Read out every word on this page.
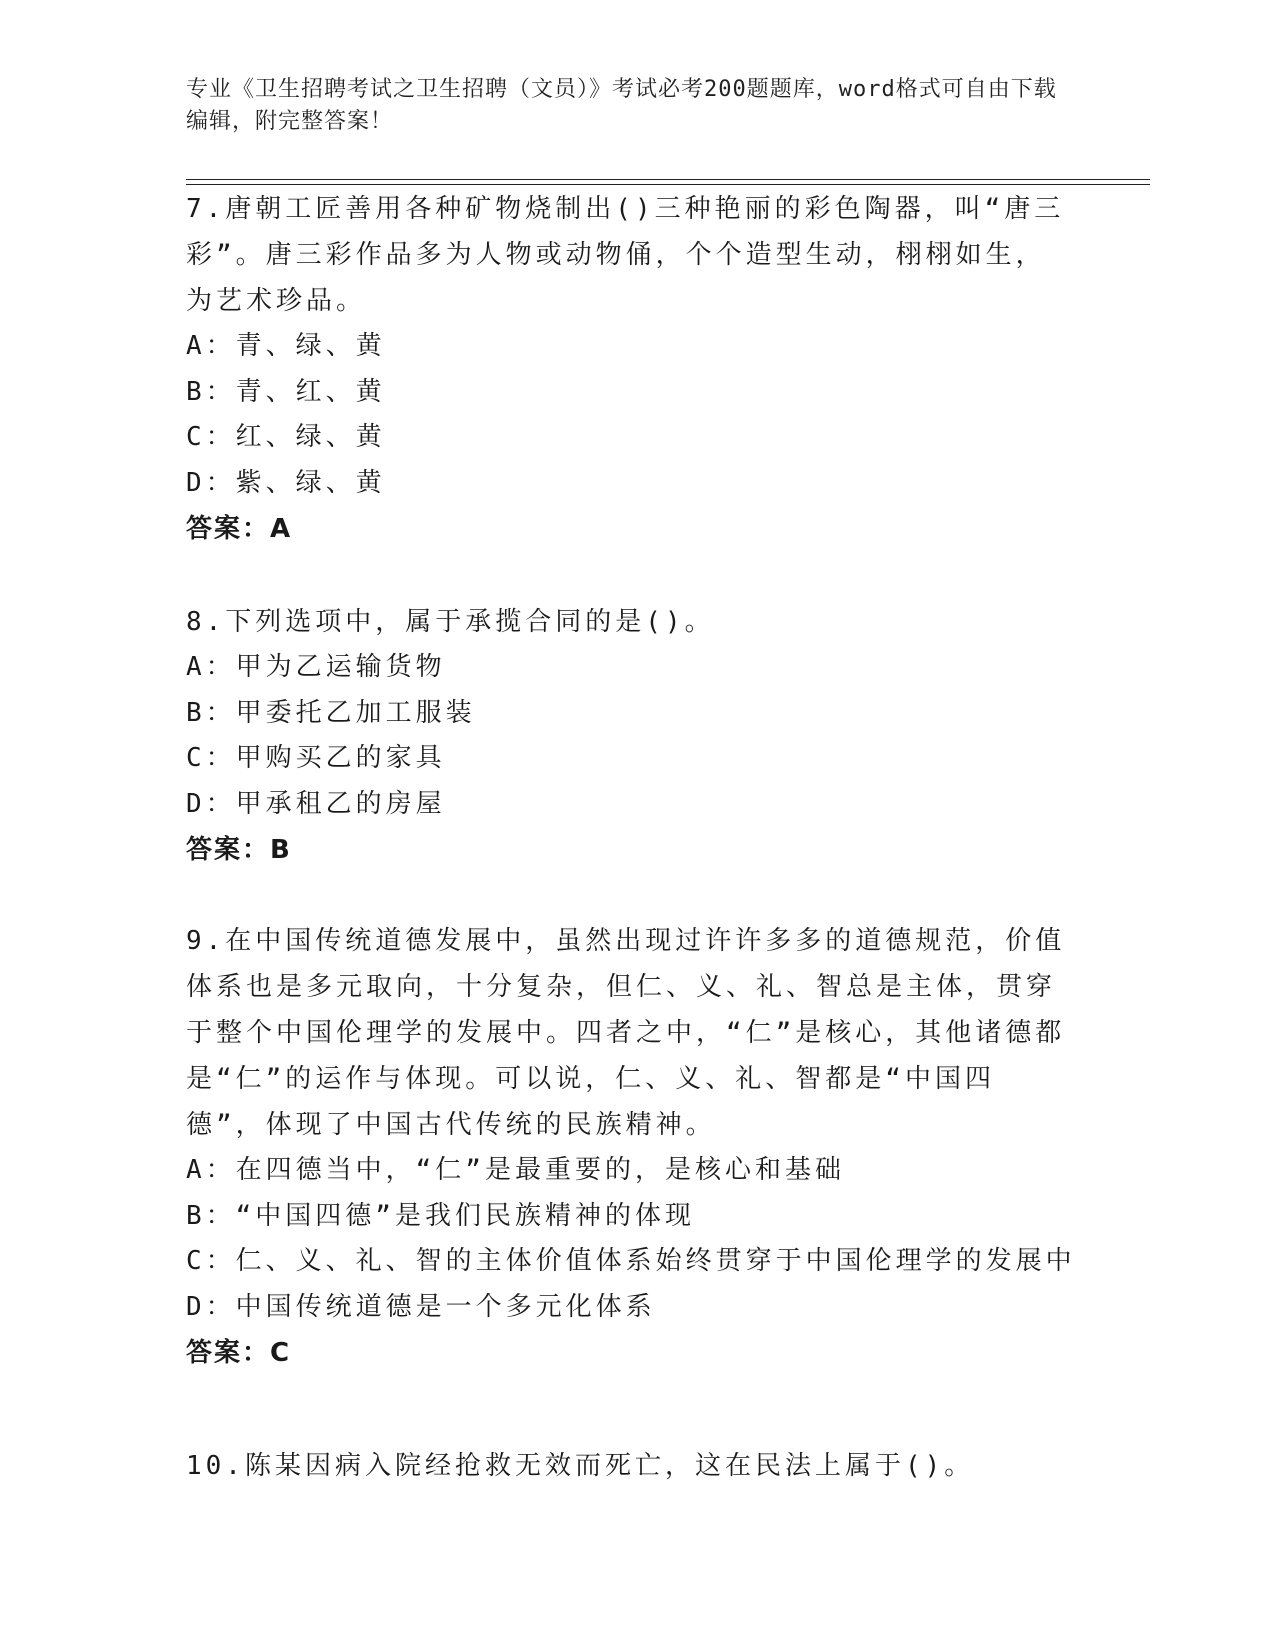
专业《卫生招聘考试之卫生招聘（文员）》考试必考200题题库，word格式可自由下载编辑，附完整答案！

7.唐朝工匠善用各种矿物烧制出()三种艳丽的彩色陶器，叫“唐三彩”。唐三彩作品多为人物或动物俑，个个造型生动，栩栩如生，为艺术珍品。

A：青、绿、黄

B：青、红、黄

C：红、绿、黄

D：紫、绿、黄

答案：A

8.下列选项中，属于承揽合同的是()。

A：甲为乙运输货物

B：甲委托乙加工服装

C：甲购买乙的家具

D：甲承租乙的房屋

答案：B

9.在中国传统道德发展中，虽然出现过许许多多的道德规范，价值体系也是多元取向，十分复杂，但仁、义、礼、智总是主体，贯穿于整个中国伦理学的发展中。四者之中，“仁”是核心，其他诸德都是“仁”的运作与体现。可以说，仁、义、礼、智都是“中国四德”，体现了中国古代传统的民族精神。

A：在四德当中，“仁”是最重要的，是核心和基础

B：“中国四德”是我们民族精神的体现

C：仁、义、礼、智的主体价值体系始终贯穿于中国伦理学的发展中

D：中国传统道德是一个多元化体系

答案：C

10.陈某因病入院经抢救无效而死亡，这在民法上属于()。
